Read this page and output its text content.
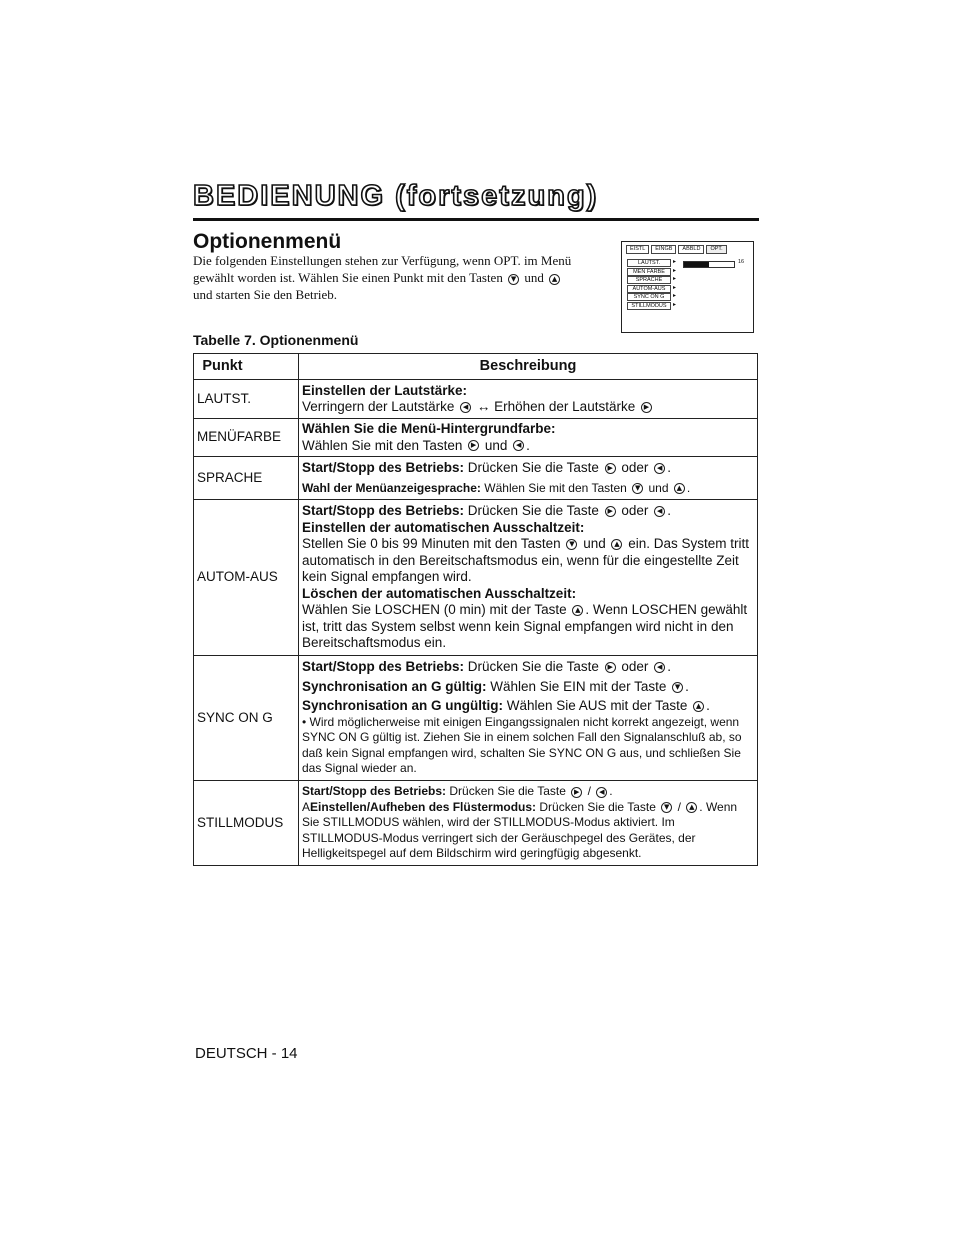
BEDIENUNG (fortsetzung)
Optionenmenü

Die folgenden Einstellungen stehen zur Verfügung, wenn OPT. im Menü gewählt worden ist. Wählen Sie einen Punkt mit den Tasten ▼ und ▲
und starten Sie den Betrieb.

EISTL	EINGB	ABBLD	OPT.
LAUTST. ▸
MEN FARBE ▸
SPRACHE ▸
AUTOM-AUS ▸
SYNC ON G ▸
STILLMODUS ▸
16

Tabelle 7. Optionenmenü

Punkt	Beschreibung
LAUTST.	Einstellen der Lautstärke:
Verringern der Lautstärke ◀ ↔ Erhöhen der Lautstärke ▶

MENÜFARBE	Wählen Sie die Menü-Hintergrundfarbe:
Wählen Sie mit den Tasten ▶ und ◀ .

SPRACHE	Start/Stopp des Betriebs: Drücken Sie die Taste ▶ oder ◀ .
Wahl der Menüanzeigesprache: Wählen Sie mit den Tasten ▼ und ▲ .

AUTOM-AUS	Start/Stopp des Betriebs: Drücken Sie die Taste ▶ oder ◀ .
Einstellen der automatischen Ausschaltzeit:
Stellen Sie 0 bis 99 Minuten mit den Tasten ▼ und ▲ ein. Das System tritt automatisch in den Bereitschaftsmodus ein, wenn für die eingestellte Zeit kein Signal empfangen wird.
Löschen der automatischen Ausschaltzeit:
Wählen Sie LOSCHEN (0 min) mit der Taste ▲ . Wenn LOSCHEN gewählt ist, tritt das System selbst wenn kein Signal empfangen wird nicht in den Bereitschaftsmodus ein.

SYNC ON G	Start/Stopp des Betriebs: Drücken Sie die Taste ▶ oder ◀ .
Synchronisation an G gültig: Wählen Sie EIN mit der Taste ▼ .
Synchronisation an G ungültig: Wählen Sie AUS mit der Taste ▲ .
• Wird möglicherweise mit einigen Eingangssignalen nicht korrekt angezeigt, wenn SYNC ON G gültig ist. Ziehen Sie in einem solchen Fall den Signalanschluß ab, so daß kein Signal empfangen wird, schalten Sie SYNC ON G aus, und schließen Sie das Signal wieder an.

STILLMODUS	Start/Stopp des Betriebs: Drücken Sie die Taste ▶ / ◀ .
AEinstellen/Aufheben des Flüstermodus: Drücken Sie die Taste ▼ / ▲ . Wenn Sie STILLMODUS wählen, wird der STILLMODUS-Modus aktiviert. Im STILLMODUS-Modus verringert sich der Geräuschpegel des Gerätes, der Helligkeitspegel auf dem Bildschirm wird geringfügig abgesenkt.

DEUTSCH - 14
